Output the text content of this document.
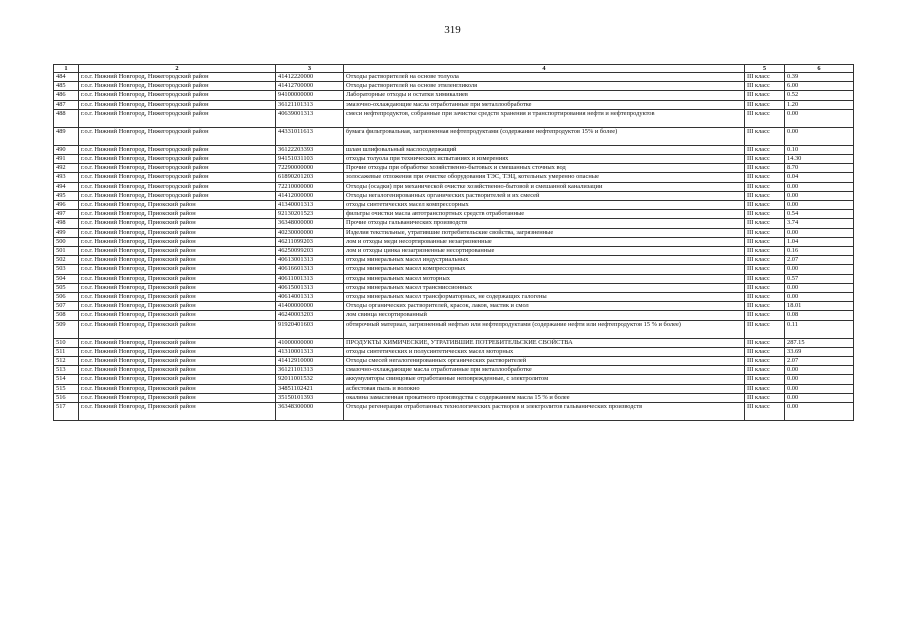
319
1	2	3	4	5	6
484	г.о.г. Нижний Новгород, Нижегородский район	41412220000	Отходы растворителей на основе толуола	III класс	0.39
485	г.о.г. Нижний Новгород, Нижегородский район	41412700000	Отходы растворителей на основе этиленгликоля	III класс	6.00
486	г.о.г. Нижний Новгород, Нижегородский район	94100000000	Лабораторные отходы и остатки химикалиев	III класс	0.52
487	г.о.г. Нижний Новгород, Нижегородский район	36121101313	эмазочно-охлаждающие масла отработанные при металлообработке	III класс	1.20
488	г.о.г. Нижний Новгород, Нижегородский район	40639001313	смеси нефтепродуктов, собранные при зачистке средств хранения и транспортирования нефти и нефтепродуктов	III класс	0.00
489	г.о.г. Нижний Новгород, Нижегородский район	44331011613	бумага фильтровальная, загрязненная нефтепродуктами (содержание нефтепродуктов 15% и более)	III класс	0.00
490	г.о.г. Нижний Новгород, Нижегородский район	36122203393	шлам шлифовальный маслосодержащий	III класс	0.10
491	г.о.г. Нижний Новгород, Нижегородский район	94151031103	отходы толуола при технических испытаниях и измерениях	III класс	14.30
492	г.о.г. Нижний Новгород, Нижегородский район	72290000000	Прочие отходы при обработке хозяйственно-бытовых и смешанных сточных вод	III класс	8.70
493	г.о.г. Нижний Новгород, Нижегородский район	61890201203	золосажевые отложения при очистке оборудования ТЭС, ТЭЦ, котельных умеренно опасные	III класс	0.04
494	г.о.г. Нижний Новгород, Нижегородский район	72210000000	Отходы (осадки) при механической очистке хозяйственно-бытовой и смешанной канализации	III класс	0.00
495	г.о.г. Нижний Новгород, Нижегородский район	41412000000	Отходы негалогенированных органических растворителей и их смесей	III класс	0.00
496	г.о.г. Нижний Новгород, Приокский район	41340001313	отходы синтетических масел компрессорных	III класс	0.00
497	г.о.г. Нижний Новгород, Приокский район	92130201523	фильтры очистки масла автотранспортных средств отработанные	III класс	0.54
498	г.о.г. Нижний Новгород, Приокский район	36348000000	Прочие отходы гальванических производств	III класс	3.74
499	г.о.г. Нижний Новгород, Приокский район	40230000000	Изделия текстильные, утратившие потребительские свойства, загрязненные	III класс	0.00
500	г.о.г. Нижний Новгород, Приокский район	46211099203	лом и отходы меди несортированные незагрязненные	III класс	1.04
501	г.о.г. Нижний Новгород, Приокский район	46250099203	лом и отходы цинка незагрязненные несортированные	III класс	0.16
502	г.о.г. Нижний Новгород, Приокский район	40613001313	отходы минеральных масел индустриальных	III класс	2.07
503	г.о.г. Нижний Новгород, Приокский район	40616601313	отходы минеральных масел компрессорных	III класс	0.00
504	г.о.г. Нижний Новгород, Приокский район	40611001313	отходы минеральных масел моторных	III класс	0.57
505	г.о.г. Нижний Новгород, Приокский район	40615001313	отходы минеральных масел трансмиссионных	III класс	0.00
506	г.о.г. Нижний Новгород, Приокский район	40614001313	отходы минеральных масел трансформаторных, не содержащих галогены	III класс	0.00
507	г.о.г. Нижний Новгород, Приокский район	41400000000	Отходы органических растворителей, красок, лаков, мастик и смол	III класс	18.01
508	г.о.г. Нижний Новгород, Приокский район	46240003203	лом свинца несортированный	III класс	0.08
509	г.о.г. Нижний Новгород, Приокский район	91920401603	обтирочный материал, загрязненный нефтью или нефтепродуктами (содержание нефти или нефтепродуктов 15 % и более)	III класс	0.11
510	г.о.г. Нижний Новгород, Приокский район	41000000000	ПРОДУКТЫ ХИМИЧЕСКИЕ, УТРАТИВШИЕ ПОТРЕБИТЕЛЬСКИЕ СВОЙСТВА	III класс	287.15
511	г.о.г. Нижний Новгород, Приокский район	41310001313	отходы синтетических и полусинтетических масел моторных	III класс	33.69
512	г.о.г. Нижний Новгород, Приокский район	41412910000	Отходы смесей негалогенированных органических растворителей	III класс	2.07
513	г.о.г. Нижний Новгород, Приокский район	36121101313	смазочно-охлаждающие масла отработанные при металлообработке	III класс	0.00
514	г.о.г. Нижний Новгород, Приокский район	92011001532	аккумуляторы свинцовые отработанные неповрежденные, с электролитом	III класс	0.00
515	г.о.г. Нижний Новгород, Приокский район	34851102421	асбестовая пыль и волокно	III класс	0.00
516	г.о.г. Нижний Новгород, Приокский район	35150101393	окалина замасленная прокатного производства с содержанием масла 15 % и более	III класс	0.00
517	г.о.г. Нижний Новгород, Приокский район	36348300000	Отходы регенерации отработанных технологических растворов и электролитов гальванических производств	III класс	0.00
